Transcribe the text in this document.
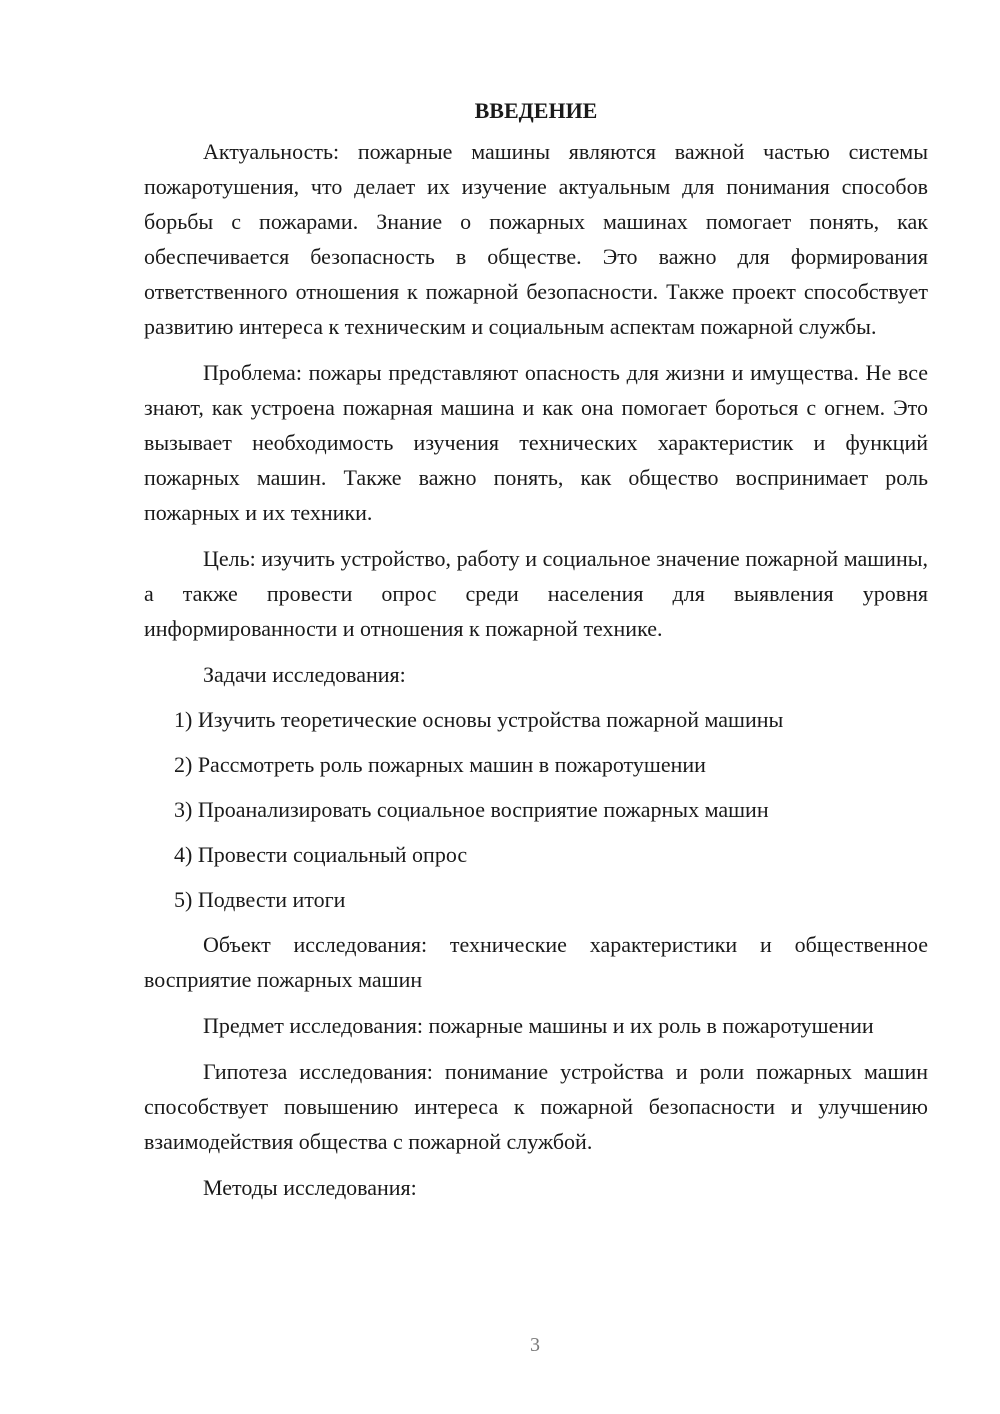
ВВЕДЕНИЕ

Актуальность: пожарные машины являются важной частью системы пожаротушения, что делает их изучение актуальным для понимания способов борьбы с пожарами. Знание о пожарных машинах помогает понять, как обеспечивается безопасность в обществе. Это важно для формирования ответственного отношения к пожарной безопасности. Также проект способствует развитию интереса к техническим и социальным аспектам пожарной службы.

Проблема: пожары представляют опасность для жизни и имущества. Не все знают, как устроена пожарная машина и как она помогает бороться с огнем. Это вызывает необходимость изучения технических характеристик и функций пожарных машин. Также важно понять, как общество воспринимает роль пожарных и их техники.

Цель: изучить устройство, работу и социальное значение пожарной машины, а также провести опрос среди населения для выявления уровня информированности и отношения к пожарной технике.

Задачи исследования:

1) Изучить теоретические основы устройства пожарной машины
2) Рассмотреть роль пожарных машин в пожаротушении
3) Проанализировать социальное восприятие пожарных машин
4) Провести социальный опрос
5) Подвести итоги

Объект исследования: технические характеристики и общественное восприятие пожарных машин

Предмет исследования: пожарные машины и их роль в пожаротушении

Гипотеза исследования: понимание устройства и роли пожарных машин способствует повышению интереса к пожарной безопасности и улучшению взаимодействия общества с пожарной службой.

Методы исследования:

3
